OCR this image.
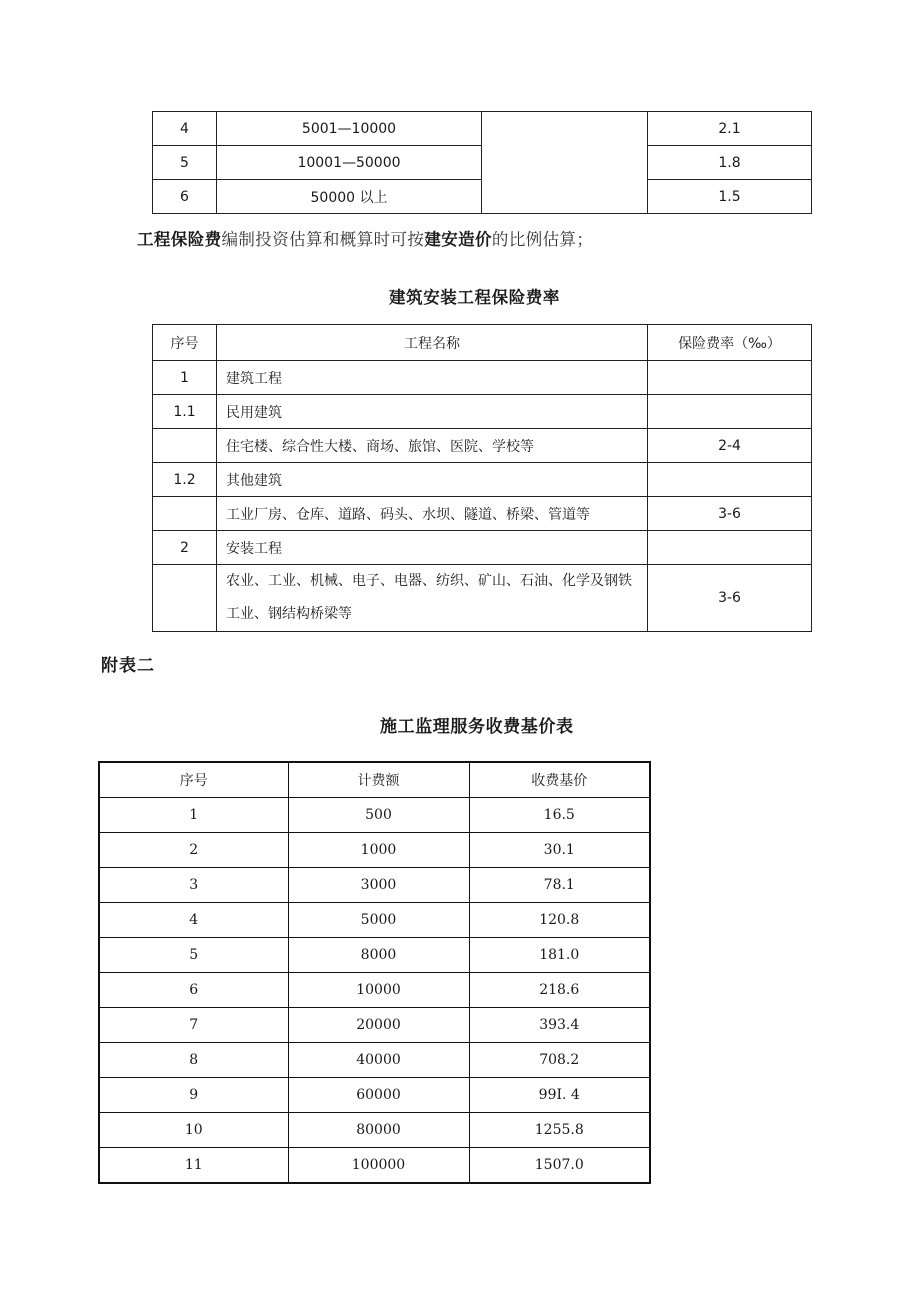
4	5001—10000		2.1
5	10001—50000		1.8
6	50000 以上		1.5
工程保险费编制投资估算和概算时可按建安造价的比例估算；
建筑安装工程保险费率
序号	工程名称	保险费率（‰）
1	建筑工程	
1.1	民用建筑	
	住宅楼、综合性大楼、商场、旅馆、医院、学校等	2-4
1.2	其他建筑	
	工业厂房、仓库、道路、码头、水坝、隧道、桥梁、管道等	3-6
2	安装工程	
	农业、工业、机械、电子、电器、纺织、矿山、石油、化学及钢铁工业、钢结构桥梁等	3-6
附表二
施工监理服务收费基价表
序号	计费额	收费基价
1	500	16.5
2	1000	30.1
3	3000	78.1
4	5000	120.8
5	8000	181.0
6	10000	218.6
7	20000	393.4
8	40000	708.2
9	60000	99I. 4
10	80000	1255.8
11	100000	1507.0
